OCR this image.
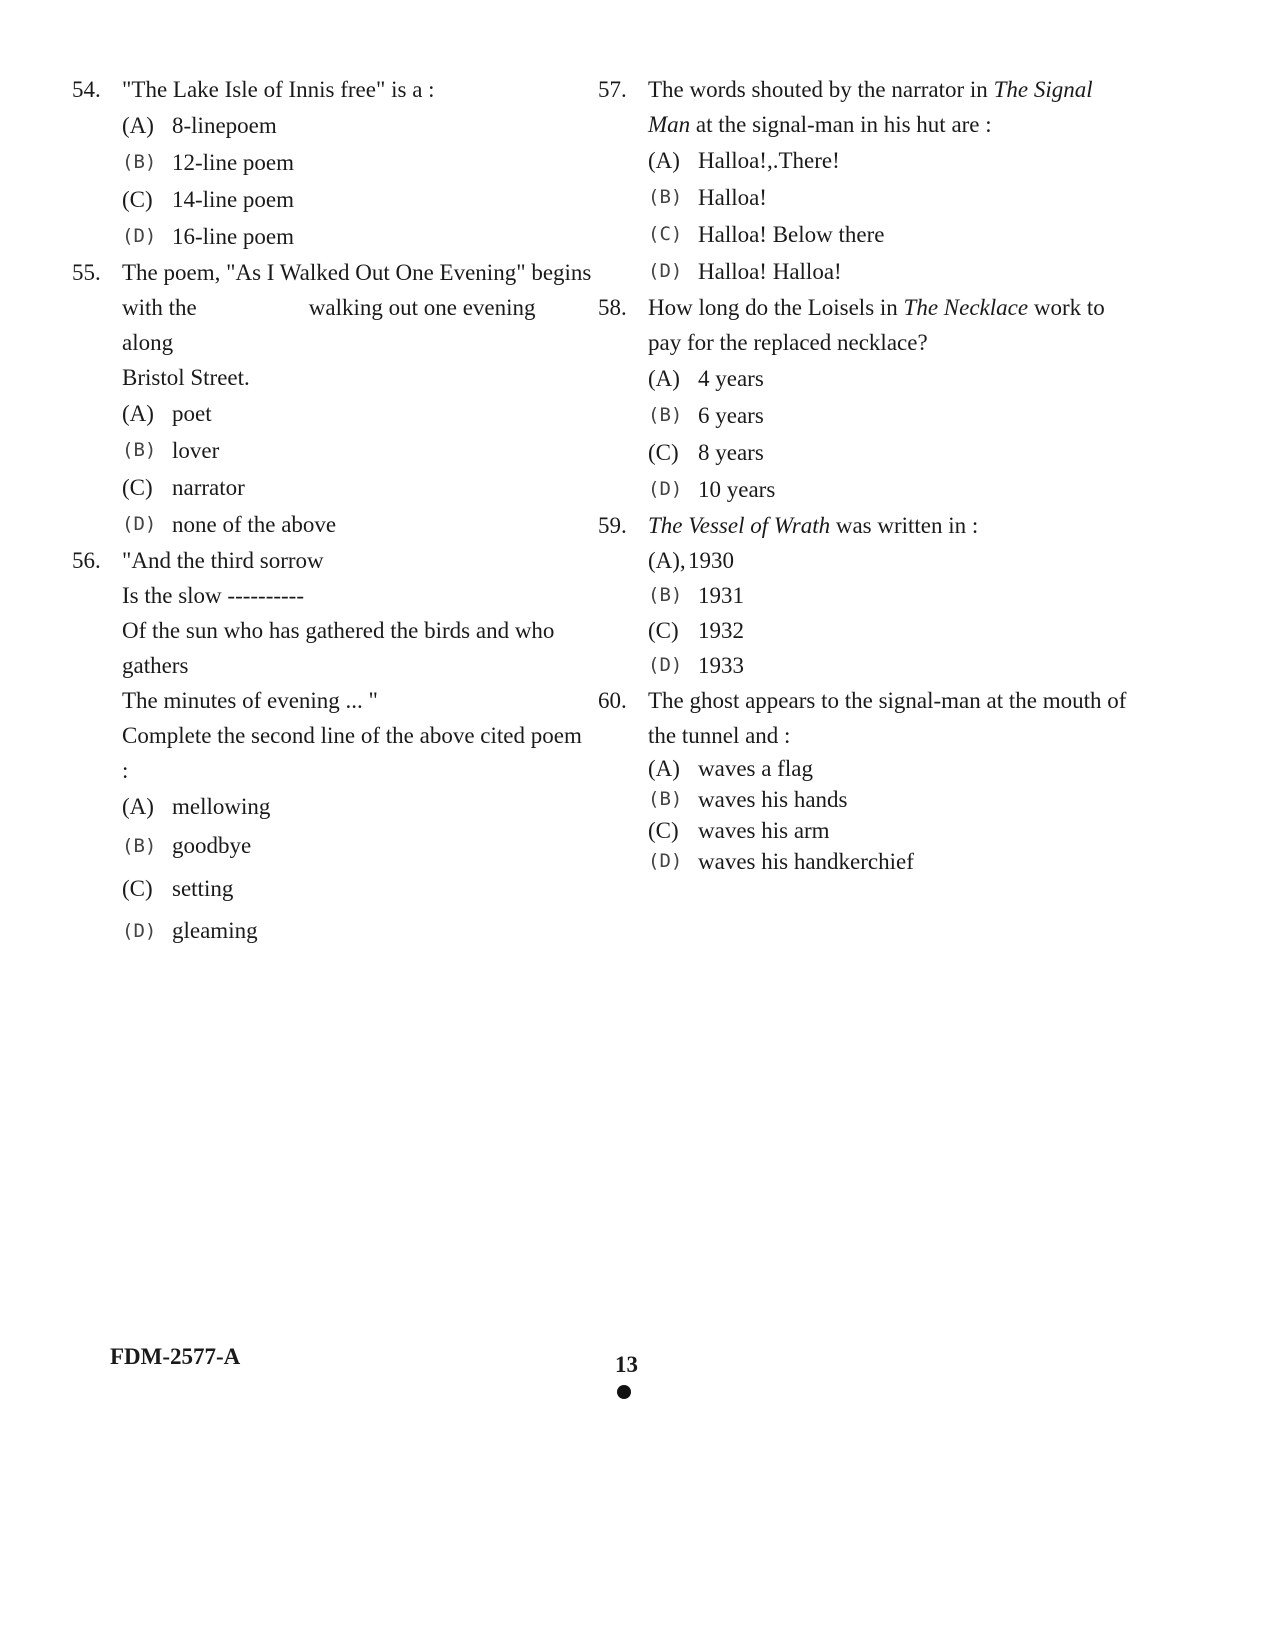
54. "The Lake Isle of Innis free" is a :
(A) 8-linepoem
(B) 12-line poem
(C) 14-line poem
(D) 16-line poem
55. The poem, "As I Walked Out One Evening" begins
with the	walking out one evening along
Bristol Street.
(A) poet
(B) lover
(C) narrator
(D) none of the above
56. "And the third sorrow
Is the slow ----------
Of the sun who has gathered the birds and who
gathers
The minutes of evening ... "
Complete the second line of the above cited poem :
(A) mellowing
(B) goodbye
(C) setting
(D) gleaming
57. The words shouted by the narrator in The Signal
Man at the signal-man in his hut are :
(A) Halloa!,.There!
(B) Halloa!
(C) Halloa! Below there
(D) Halloa! Halloa!
58. How long do the Loisels in The Necklace work to
pay for the replaced necklace?
(A) 4 years
(B) 6 years
(C) 8 years
(D) 10 years
59. The Vessel of Wrath was written in :
(A), 1930
(B) 1931
(C) 1932
(D) 1933
60. The ghost appears to the signal-man at the mouth of
the tunnel and :
(A) waves a flag
(B) waves his hands
(C) waves his arm
(D) waves his handkerchief
FDM-2577-A	13
